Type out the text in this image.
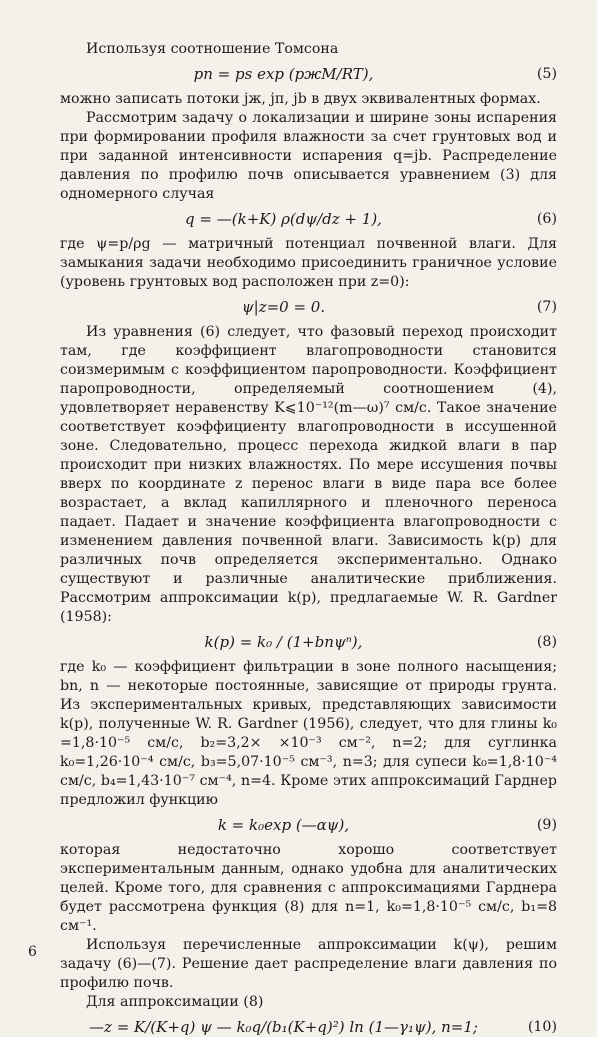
Используя соотношение Томсона

pп = ps exp (pжM/RT),	(5)

можно записать потоки jж, jп, jb в двух эквивалентных формах.

Рассмотрим задачу о локализации и ширине зоны испарения при формировании профиля влажности за счет грунтовых вод и при заданной интенсивности испарения q=jb. Распределение давления по профилю почв описывается уравнением (3) для одномерного случая

q = —(k+K) ρ(dψ/dz + 1),	(6)

где ψ=p/ρg — матричный потенциал почвенной влаги. Для замыкания задачи необходимо присоединить граничное условие (уровень грунтовых вод расположен при z=0):

ψ|z=0 = 0.	(7)

Из уравнения (6) следует, что фазовый переход происходит там, где коэффициент влагопроводности становится соизмеримым с коэффициентом паропроводности. Коэффициент паропроводности, определяемый соотношением (4), удовлетворяет неравенству K⩽10⁻¹²(m—ω)⁷ см/с. Такое значение соответствует коэффициенту влагопроводности в иссушенной зоне. Следовательно, процесс перехода жидкой влаги в пар происходит при низких влажностях. По мере иссушения почвы вверх по координате z перенос влаги в виде пара все более возрастает, а вклад капиллярного и пленочного переноса падает. Падает и значение коэффициента влагопроводности с изменением давления почвенной влаги. Зависимость k(p) для различных почв определяется экспериментально. Однако существуют и различные аналитические приближения. Рассмотрим аппроксимации k(p), предлагаемые W. R. Gardner (1958):

k(p) = k₀ / (1+bnψⁿ),	(8)

где k₀ — коэффициент фильтрации в зоне полного насыщения; bn, n — некоторые постоянные, зависящие от природы грунта. Из экспериментальных кривых, представляющих зависимости k(p), полученные W. R. Gardner (1956), следует, что для глины k₀ =1,8·10⁻⁵ см/с, b₂=3,2× ×10⁻³ см⁻², n=2; для суглинка k₀=1,26·10⁻⁴ см/с, b₃=5,07·10⁻⁵ см⁻³, n=3; для супеси k₀=1,8·10⁻⁴ см/с, b₄=1,43·10⁻⁷ см⁻⁴, n=4. Кроме этих аппроксимаций Гарднер предложил функцию

k = k₀exp (—αψ),	(9)

которая недостаточно хорошо соответствует экспериментальным данным, однако удобна для аналитических целей. Кроме того, для сравнения с аппроксимациями Гарднера будет рассмотрена функция (8) для n=1, k₀=1,8·10⁻⁵ см/с, b₁=8 см⁻¹.

Используя перечисленные аппроксимации k(ψ), решим задачу (6)—(7). Решение дает распределение влаги давления по профилю почв.

Для аппроксимации (8)

—z = K/(K+q) ψ — k₀q/(b₁(K+q)²) ln (1—γ₁ψ), n=1;	(10)
6
